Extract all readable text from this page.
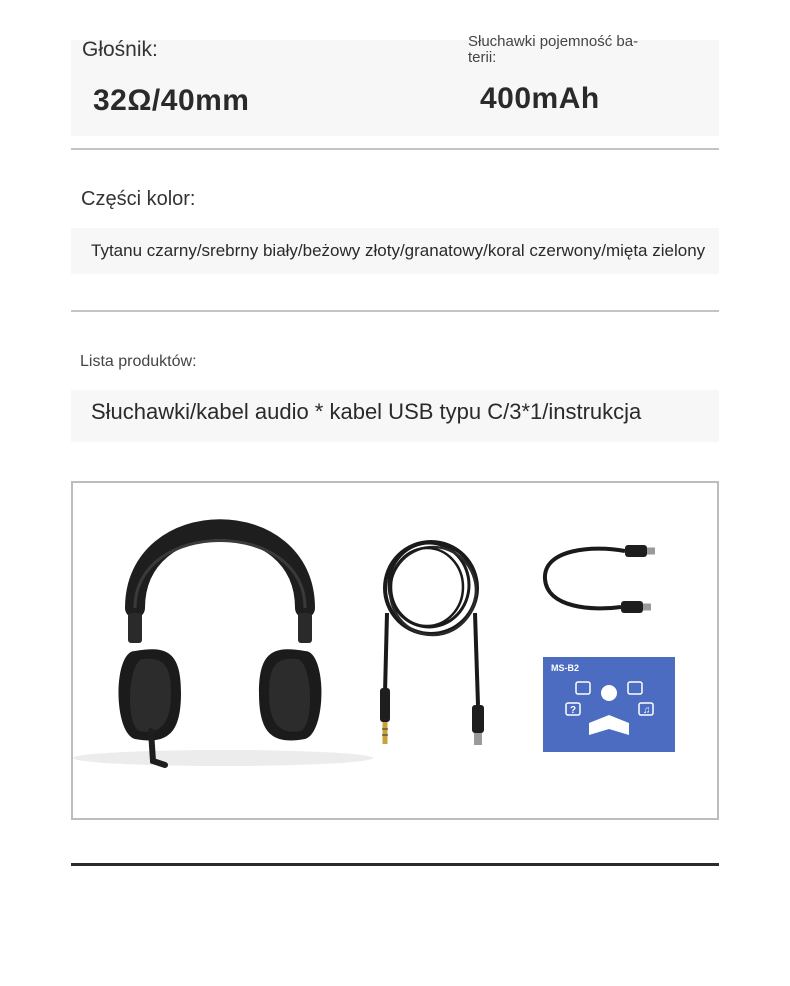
Głośnik:
32Ω/40mm
Słuchawki pojemność ba-
terii:
400mAh
Części kolor:
Tytanu czarny/srebrny biały/beżowy złoty/granatowy/koral czerwony/mięta zielony
Lista produktów:
Słuchawki/kabel audio * kabel USB typu C/3*1/instrukcja
MS-B2
?	♫
